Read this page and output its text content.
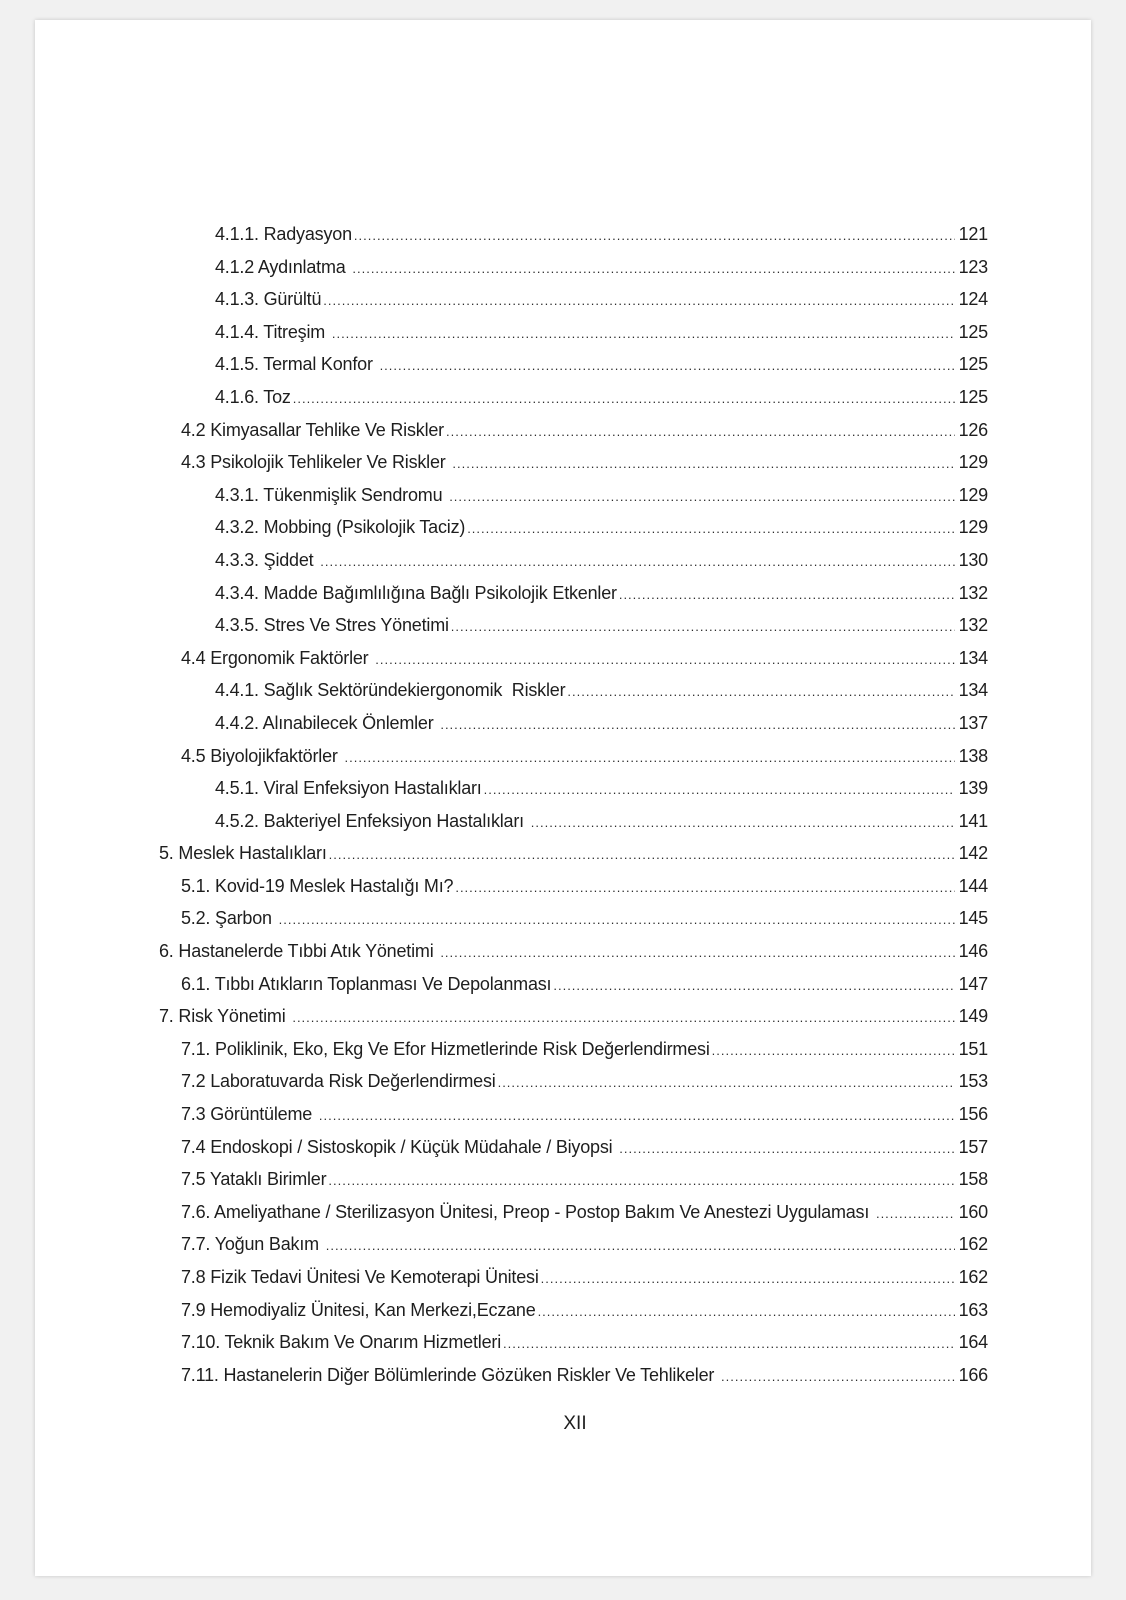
4.1.1. Radyasyon .....	121
4.1.2 Aydınlatma .....	123
4.1.3. Gürültü .....	124
4.1.4. Titreşim .....	125
4.1.5. Termal Konfor .....	125
4.1.6. Toz .....	125
4.2 Kimyasallar Tehlike Ve Riskler .....	126
4.3 Psikolojik Tehlikeler Ve Riskler .....	129
4.3.1. Tükenmişlik Sendromu .....	129
4.3.2. Mobbing (Psikolojik Taciz) .....	129
4.3.3. Şiddet .....	130
4.3.4. Madde Bağımlılığına Bağlı Psikolojik Etkenler .....	132
4.3.5. Stres Ve Stres Yönetimi .....	132
4.4 Ergonomik Faktörler .....	134
4.4.1. Sağlık Sektöründekiergonomik  Riskler .....	134
4.4.2. Alınabilecek Önlemler .....	137
4.5 Biyolojikfaktörler .....	138
4.5.1. Viral Enfeksiyon Hastalıkları .....	139
4.5.2. Bakteriyel Enfeksiyon Hastalıkları .....	141
5. Meslek Hastalıkları .....	142
5.1. Kovid-19 Meslek Hastalığı Mı? .....	144
5.2. Şarbon .....	145
6. Hastanelerde Tıbbi Atık Yönetimi .....	146
6.1. Tıbbı Atıkların Toplanması Ve Depolanması .....	147
7. Risk Yönetimi .....	149
7.1. Poliklinik, Eko, Ekg Ve Efor Hizmetlerinde Risk Değerlendirmesi .....	151
7.2 Laboratuvarda Risk Değerlendirmesi .....	153
7.3 Görüntüleme .....	156
7.4 Endoskopi / Sistoskopik / Küçük Müdahale / Biyopsi .....	157
7.5 Yataklı Birimler .....	158
7.6. Ameliyathane / Sterilizasyon Ünitesi, Preop - Postop Bakım Ve Anestezi Uygulaması .....	160
7.7. Yoğun Bakım .....	162
7.8 Fizik Tedavi Ünitesi Ve Kemoterapi Ünitesi .....	162
7.9 Hemodiyaliz Ünitesi, Kan Merkezi,Eczane .....	163
7.10. Teknik Bakım Ve Onarım Hizmetleri .....	164
7.11. Hastanelerin Diğer Bölümlerinde Gözüken Riskler Ve Tehlikeler .....	166
XII
